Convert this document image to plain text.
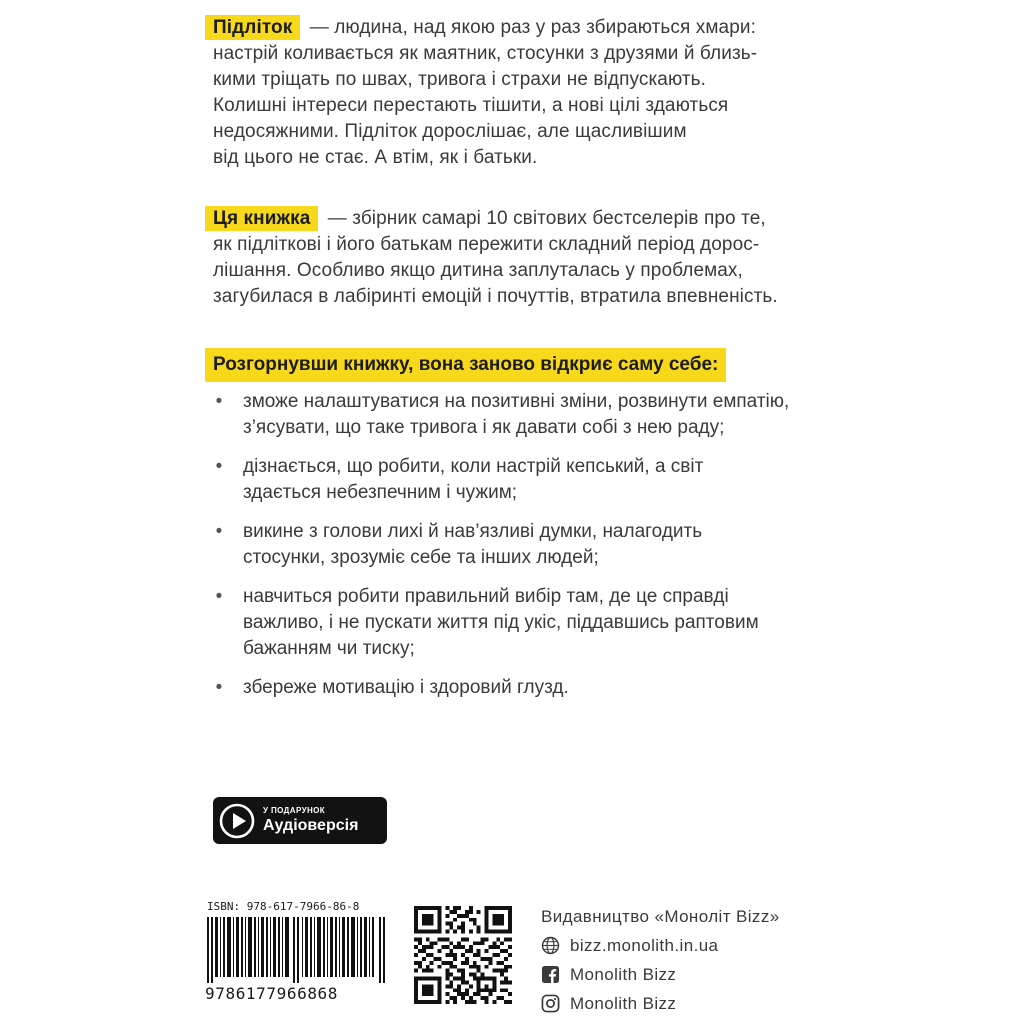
Підліток — людина, над якою раз у раз збираються хмари:
настрій коливається як маятник, стосунки з друзями й близь-
кими тріщать по швах, тривога і страхи не відпускають.
Колишні інтереси перестають тішити, а нові цілі здаються
недосяжними. Підліток дорослішає, але щасливішим
від цього не стає. А втім, як і батьки.
Ця книжка — збірник самарі 10 світових бестселерів про те,
як підліткові і його батькам пережити складний період дорос-
лішання. Особливо якщо дитина заплуталась у проблемах,
загубилася в лабіринті емоцій і почуттів, втратила впевненість.
Розгорнувши книжку, вона заново відкриє саму себе:
• зможе налаштуватися на позитивні зміни, розвинути емпатію,
з’ясувати, що таке тривога і як давати собі з нею раду;
• дізнається, що робити, коли настрій кепський, а світ
здається небезпечним і чужим;
• викине з голови лихі й нав’язливі думки, налагодить
стосунки, зрозуміє себе та інших людей;
• навчиться робити правильний вибір там, де це справді
важливо, і не пускати життя під укіс, піддавшись раптовим
бажанням чи тиску;
• збереже мотивацію і здоровий глузд.
У ПОДАРУНОК
Аудіоверсія
ISBN: 978-617-7966-86-8
9786177966868
Видавництво «Моноліт Bizz»
bizz.monolith.in.ua
Monolith Bizz
Monolith Bizz
